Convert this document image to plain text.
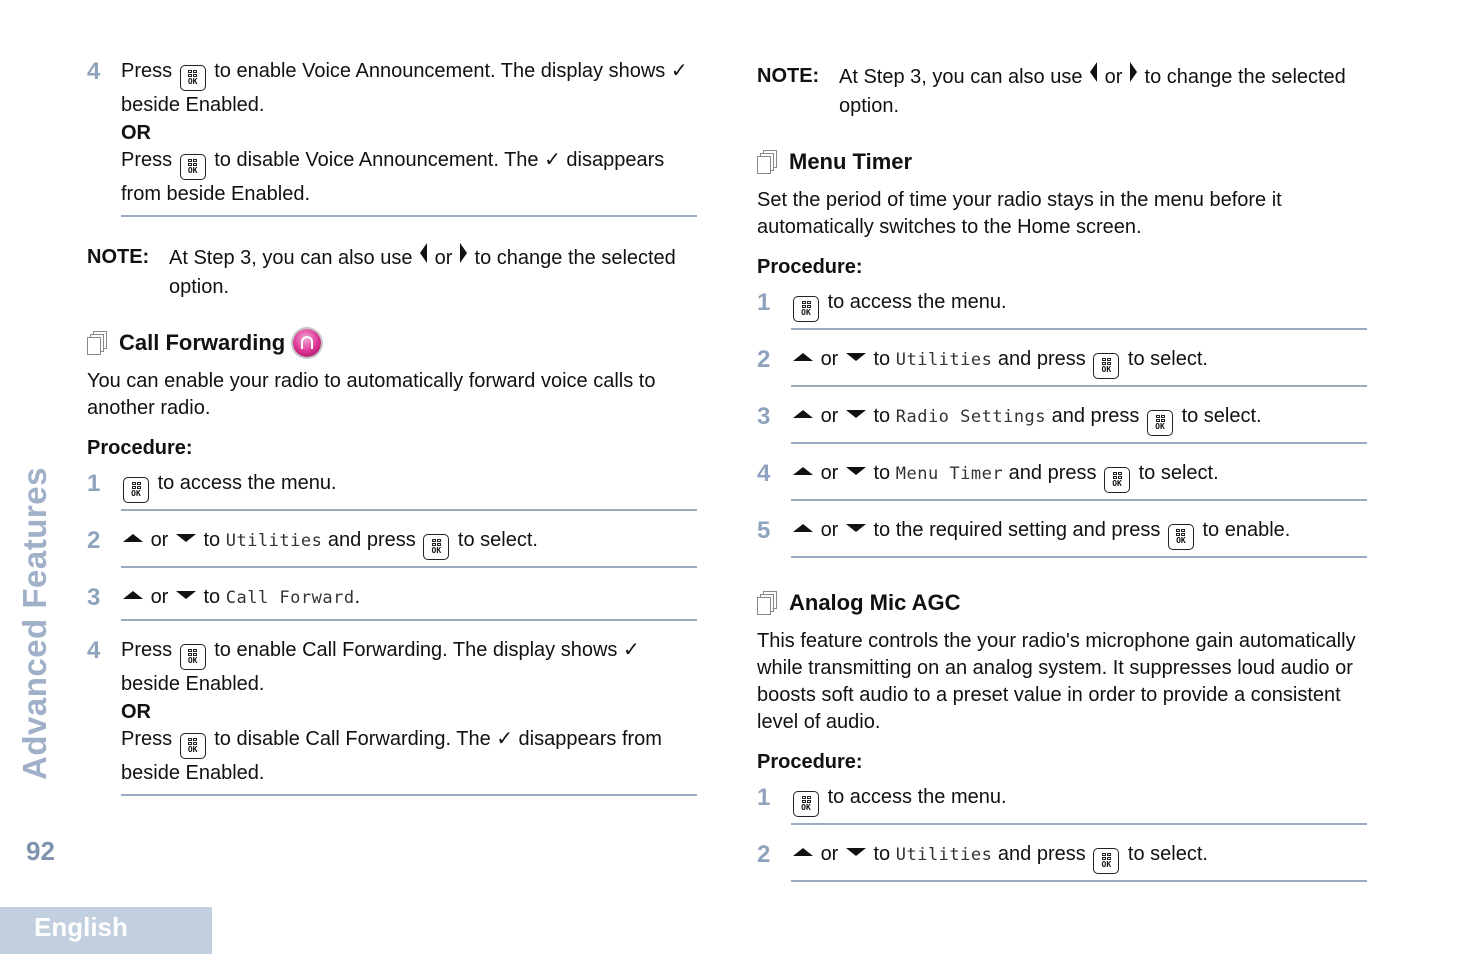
4	Press OK to enable Voice Announcement. The display shows ✓ beside Enabled.
OR
Press OK to disable Voice Announcement. The ✓ disappears from beside Enabled.
NOTE: At Step 3, you can also use or to change the selected option.
Call Forwarding
You can enable your radio to automatically forward voice calls to another radio.
Procedure:
1	OK to access the menu.
2	or to Utilities and press OK to select.
3	or to Call Forward.
4	Press OK to enable Call Forwarding. The display shows ✓ beside Enabled.
OR
Press OK to disable Call Forwarding. The ✓ disappears from beside Enabled.
NOTE: At Step 3, you can also use or to change the selected option.
Menu Timer
Set the period of time your radio stays in the menu before it automatically switches to the Home screen.
Procedure:
1	OK to access the menu.
2	or to Utilities and press OK to select.
3	or to Radio Settings and press OK to select.
4	or to Menu Timer and press OK to select.
5	or to the required setting and press OK to enable.
Analog Mic AGC
This feature controls the your radio's microphone gain automatically while transmitting on an analog system. It suppresses loud audio or boosts soft audio to a preset value in order to provide a consistent level of audio.
Procedure:
1	OK to access the menu.
2	or to Utilities and press OK to select.
Advanced Features
92
English
